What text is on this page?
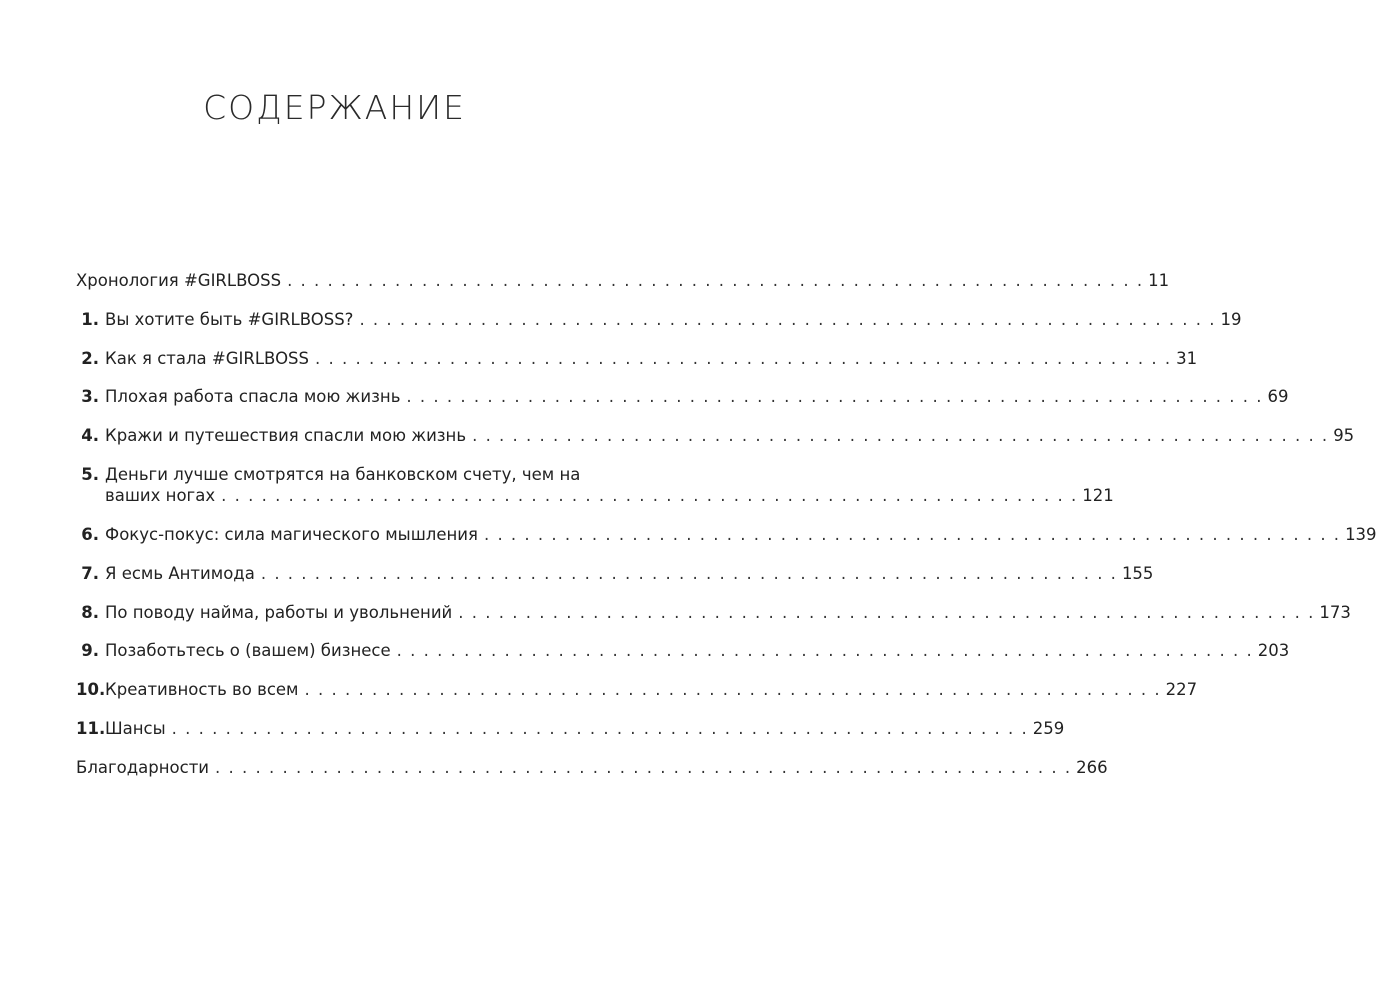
СОДЕРЖАНИЕ
Хронология #GIRLBOSS . . .	11
1. Вы хотите быть #GIRLBOSS? . . .	19
2. Как я стала #GIRLBOSS . . .	31
3. Плохая работа спасла мою жизнь . . .	69
4. Кражи и путешествия спасли мою жизнь . . .	95
5. Деньги лучше смотрятся на банковском счету, чем на
ваших ногах . . .	121
6. Фокус-покус: сила магического мышления . . .	139
7. Я есмь Антимода . . .	155
8. По поводу найма, работы и увольнений . . .	173
9. Позаботьтесь о (вашем) бизнесе . . .	203
10. Креативность во всем . . .	227
11. Шансы . . .	259
Благодарности . . .	266
